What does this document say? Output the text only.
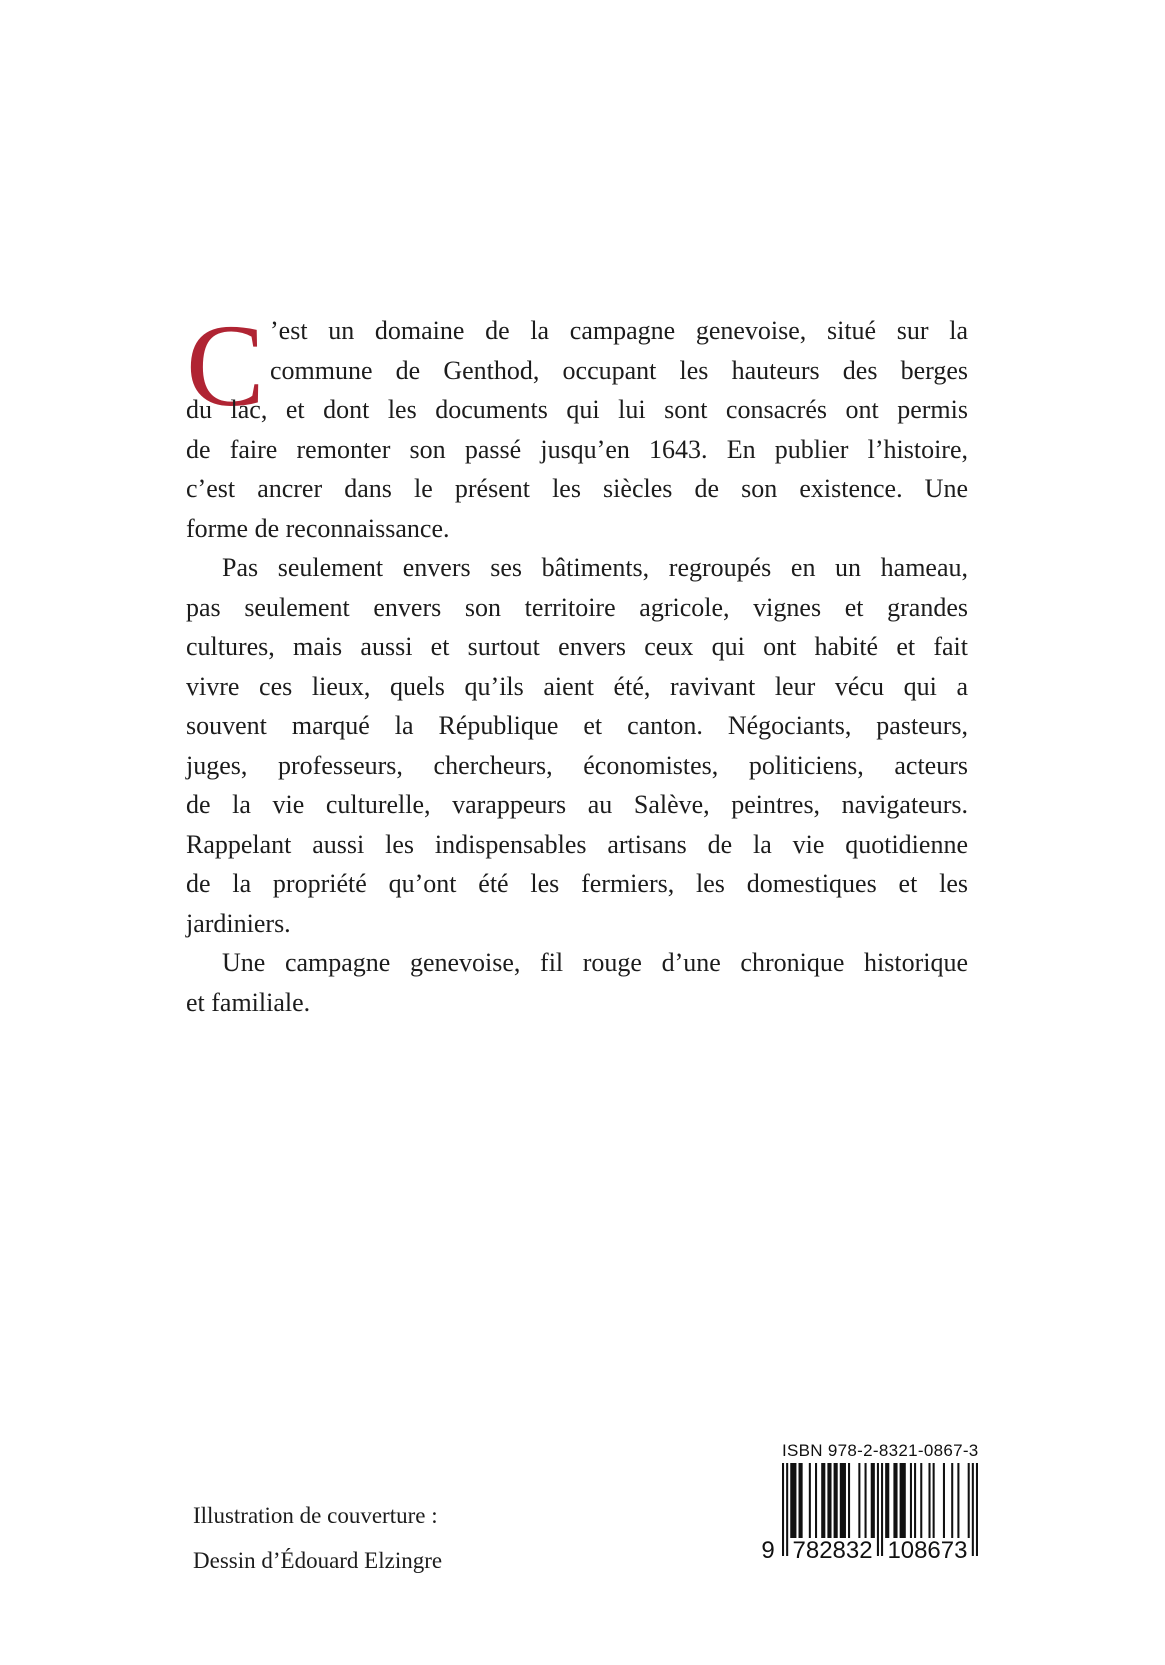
C ’est un domaine de la campagne genevoise, situé sur la
commune de Genthod, occupant les hauteurs des berges
du lac, et dont les documents qui lui sont consacrés ont permis
de faire remonter son passé jusqu’en 1643. En publier l’histoire,
c’est ancrer dans le présent les siècles de son existence. Une
forme de reconnaissance.
Pas seulement envers ses bâtiments, regroupés en un hameau,
pas seulement envers son territoire agricole, vignes et grandes
cultures, mais aussi et surtout envers ceux qui ont habité et fait
vivre ces lieux, quels qu’ils aient été, ravivant leur vécu qui a
souvent marqué la République et canton. Négociants, pasteurs,
juges, professeurs, chercheurs, économistes, politiciens, acteurs
de la vie culturelle, varappeurs au Salève, peintres, navigateurs.
Rappelant aussi les indispensables artisans de la vie quotidienne
de la propriété qu’ont été les fermiers, les domestiques et les
jardiniers.
Une campagne genevoise, fil rouge d’une chronique historique
et familiale.
Illustration de couverture :
Dessin d’Édouard Elzingre
ISBN 978-2-8321-0867-3
9 782832 108673
